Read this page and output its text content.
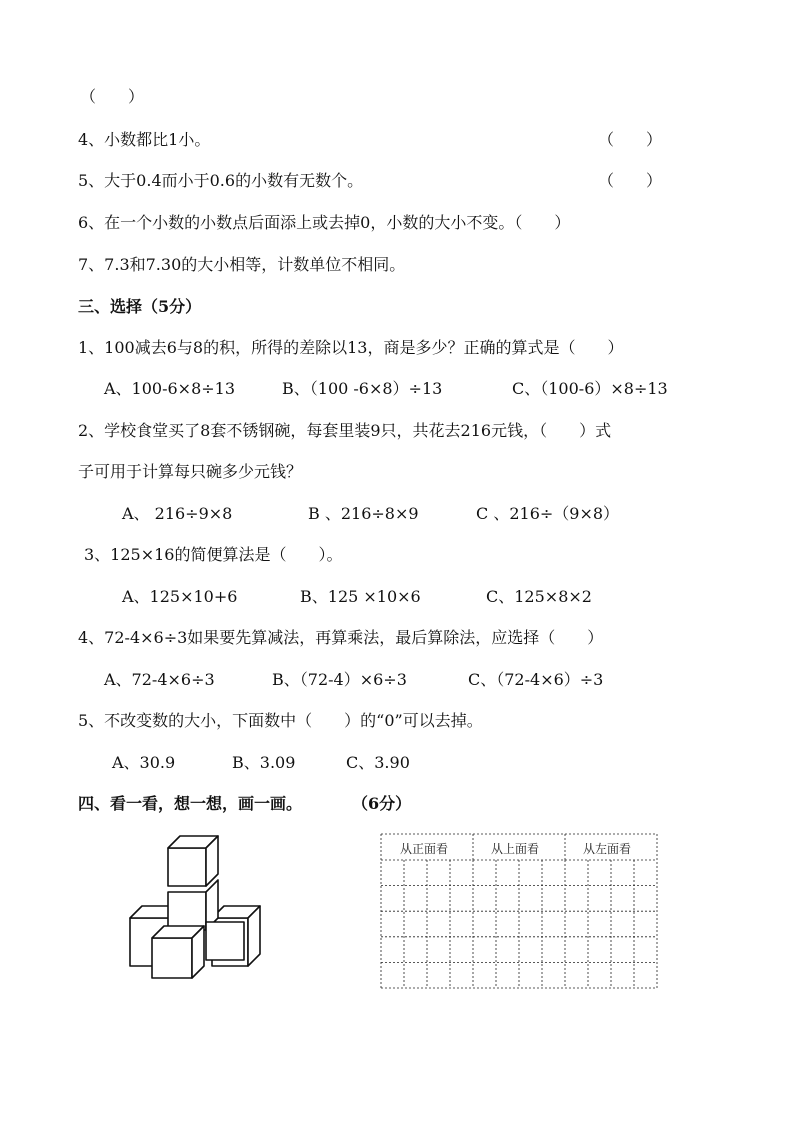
（　　）
4、小数都比1小。	（　　）
5、大于0.4而小于0.6的小数有无数个。	（　　）
6、在一个小数的小数点后面添上或去掉0，小数的大小不变。（　　）
7、7.3和7.30的大小相等，计数单位不相同。
三、选择（5分）
1、100减去6与8的积，所得的差除以13，商是多少？正确的算式是（　　）
A、100-6×8÷13	B、（100 -6×8）÷13	C、（100-6）×8÷13
2、学校食堂买了8套不锈钢碗，每套里装9只，共花去216元钱，（　　）式
子可用于计算每只碗多少元钱？
A、 216÷9×8	B 、216÷8×9	C 、216÷（9×8）
3、125×16的简便算法是（　　）。
A、125×10+6	B、125 ×10×6	C、125×8×2
4、72-4×6÷3如果要先算减法，再算乘法，最后算除法，应选择（　　）
A、72-4×6÷3	B、（72-4）×6÷3	C、（72-4×6）÷3
5、不改变数的大小，下面数中（　　）的“0”可以去掉。
A、30.9	B、3.09	C、3.90
四、看一看，想一想，画一画。	（6分）
从正面看	从上面看	从左面看
